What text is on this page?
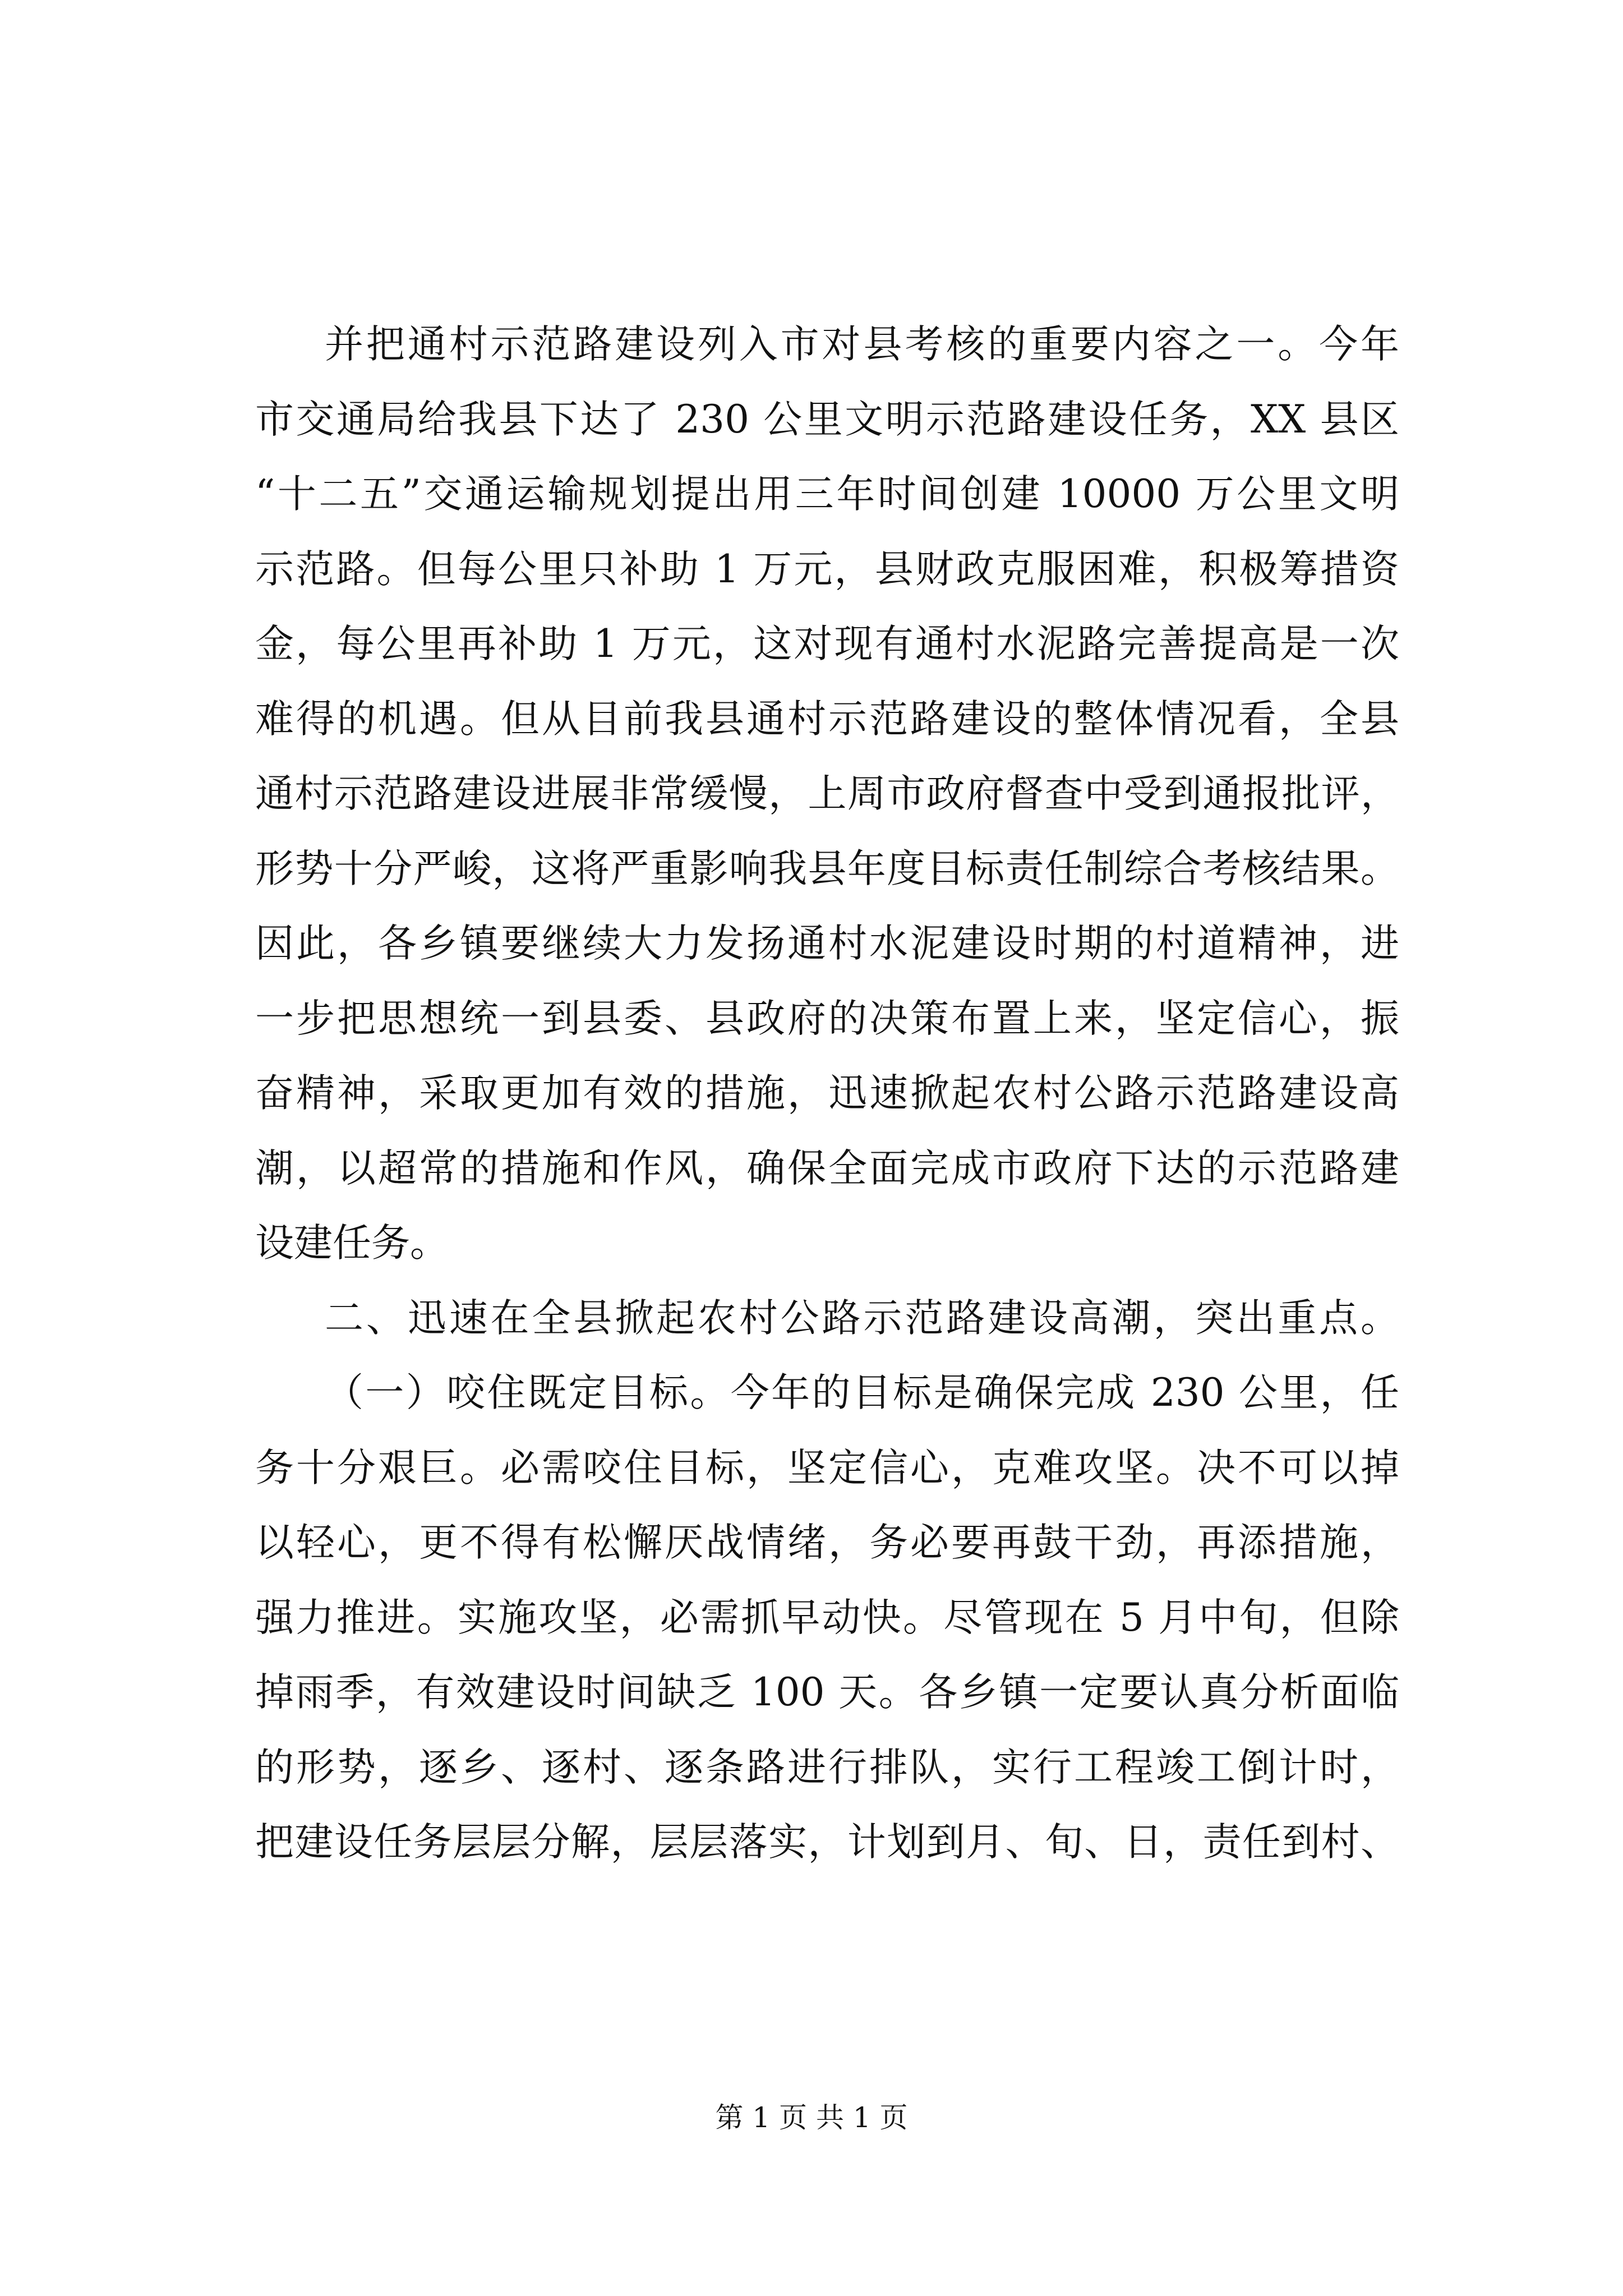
并把通村示范路建设列入市对县考核的重要内容之一。今年
市交通局给我县下达了 230 公里文明示范路建设任务，XX 县区
“十二五”交通运输规划提出用三年时间创建 10000 万公里文明
示范路。但每公里只补助 1 万元，县财政克服困难，积极筹措资
金，每公里再补助 1 万元，这对现有通村水泥路完善提高是一次
难得的机遇。但从目前我县通村示范路建设的整体情况看，全县
通村示范路建设进展非常缓慢，上周市政府督查中受到通报批评，
形势十分严峻，这将严重影响我县年度目标责任制综合考核结果。
因此，各乡镇要继续大力发扬通村水泥建设时期的村道精神，进
一步把思想统一到县委、县政府的决策布置上来，坚定信心，振
奋精神，采取更加有效的措施，迅速掀起农村公路示范路建设高
潮，以超常的措施和作风，确保全面完成市政府下达的示范路建
设建任务。
二、迅速在全县掀起农村公路示范路建设高潮，突出重点。
（一）咬住既定目标。今年的目标是确保完成 230 公里，任
务十分艰巨。必需咬住目标，坚定信心，克难攻坚。决不可以掉
以轻心，更不得有松懈厌战情绪，务必要再鼓干劲，再添措施，
强力推进。实施攻坚，必需抓早动快。尽管现在 5 月中旬，但除
掉雨季，有效建设时间缺乏 100 天。各乡镇一定要认真分析面临
的形势，逐乡、逐村、逐条路进行排队，实行工程竣工倒计时，
把建设任务层层分解，层层落实，计划到月、旬、日，责任到村、
第 1 页 共 1 页
